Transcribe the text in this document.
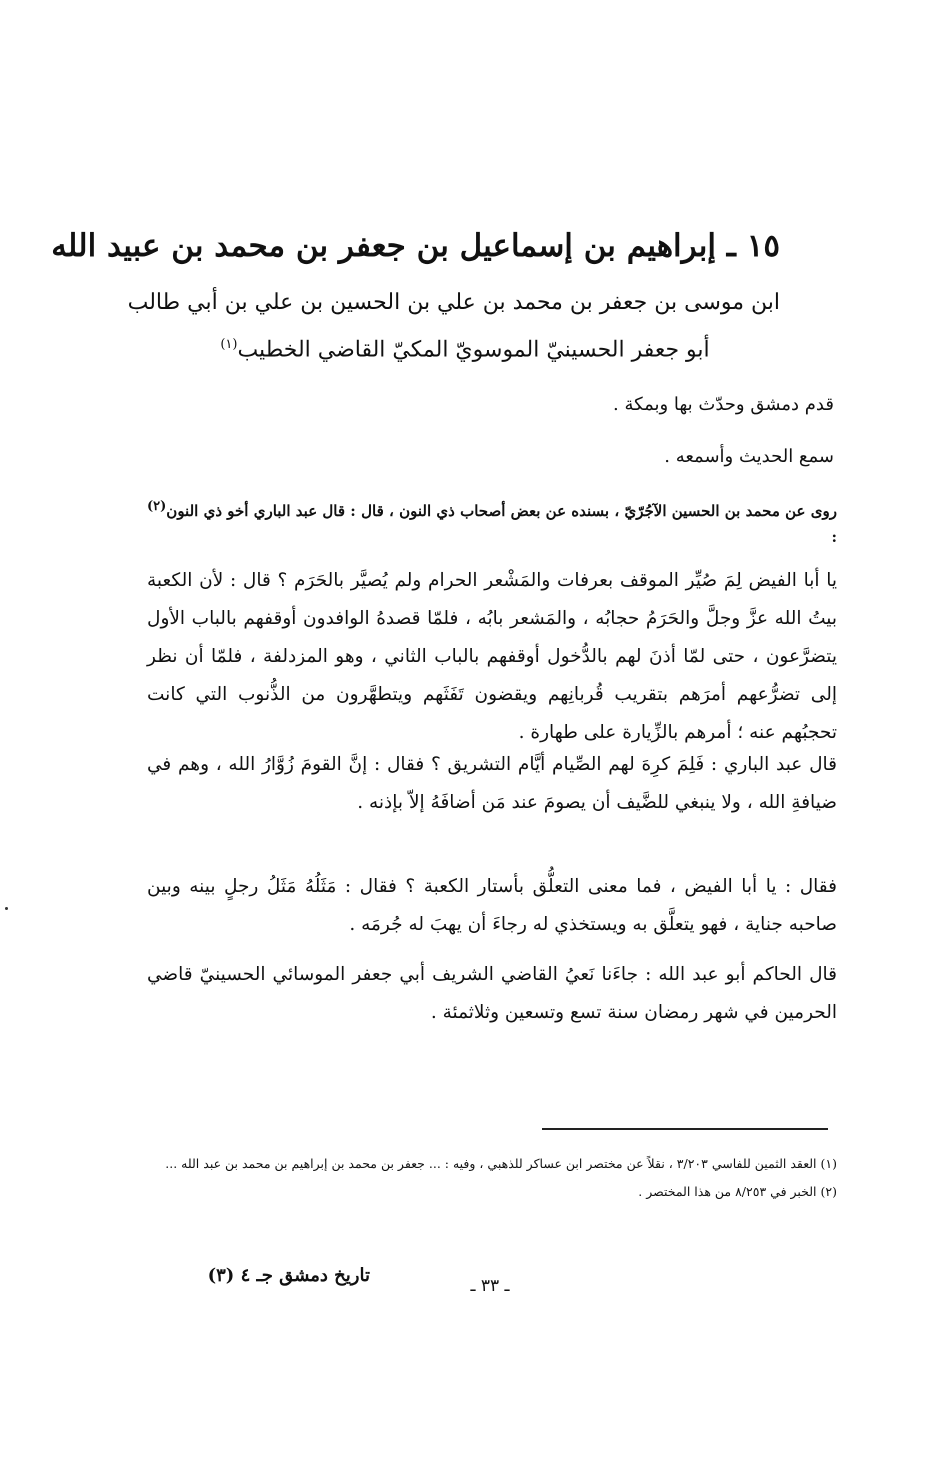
١٥ ـ إبراهيم بن إسماعيل بن جعفر بن محمد بن عبيد الله
ابن موسى بن جعفر بن محمد بن علي بن الحسين بن علي بن أبي طالب
أبو جعفر الحسينيّ الموسويّ المكيّ القاضي الخطيب$^{(١)}$
قدم دمشق وحدّث بها وبمكة .
سمع الحديث وأسمعه .
روى عن محمد بن الحسين الآجُرّيّ ، بسنده عن بعض أصحاب ذي النون ، قال : قال عبد الباري أخو ذي النون(٢) :
يا أبا الفيض لِمَ صُيِّر الموقف بعرفات والمَشْعر الحرام ولم يُصيَّر بالحَرَم ؟ قال : لأن الكعبة بيتُ الله عزَّ وجلَّ والحَرَمُ حجابُه ، والمَشعر بابُه ، فلمّا قصدهُ الوافدون أوقفهم بالباب الأول يتضرَّعون ، حتى لمّا أذنَ لهم بالدُّخول أوقفهم بالباب الثاني ، وهو المزدلفة ، فلمّا أن نظر إلى تضرُّعهم أمرَهم بتقريب قُربانِهم ويقضون تَفَثَهم ويتطهَّرون من الذُّنوب التي كانت تحجبُهم عنه ؛ أمرهم بالزِّيارة على طهارة .
قال عبد الباري : فَلِمَ كرِهَ لهم الصِّيام أيَّام التشريق ؟ فقال : إنَّ القومَ زُوَّارُ الله ، وهم في ضيافةِ الله ، ولا ينبغي للضَّيف أن يصومَ عند مَن أضافَهُ إلاّ بإذنه .
فقال : يا أبا الفيض ، فما معنى التعلُّق بأستار الكعبة ؟ فقال : مَثَلُهُ مَثَلُ رجلٍ بينه وبين صاحبه جناية ، فهو يتعلَّق به ويستخذي له رجاءَ أن يهبَ له جُرمَه .
قال الحاكم أبو عبد الله : جاءَنا نَعيُ القاضي الشريف أبي جعفر الموسائي الحسينيّ قاضي الحرمين في شهر رمضان سنة تسع وتسعين وثلاثمئة .

(١) العقد الثمين للفاسي ٣/٢٠٣ ، نقلاً عن مختصر ابن عساكر للذهبي ، وفيه : ... جعفر بن محمد بن إبراهيم بن محمد بن عبد الله ...

(٢) الخبر في ٨/٢٥٣ من هذا المختصر .

تاريخ دمشق جـ ٤ (٣)	ـ ٣٣ ـ
